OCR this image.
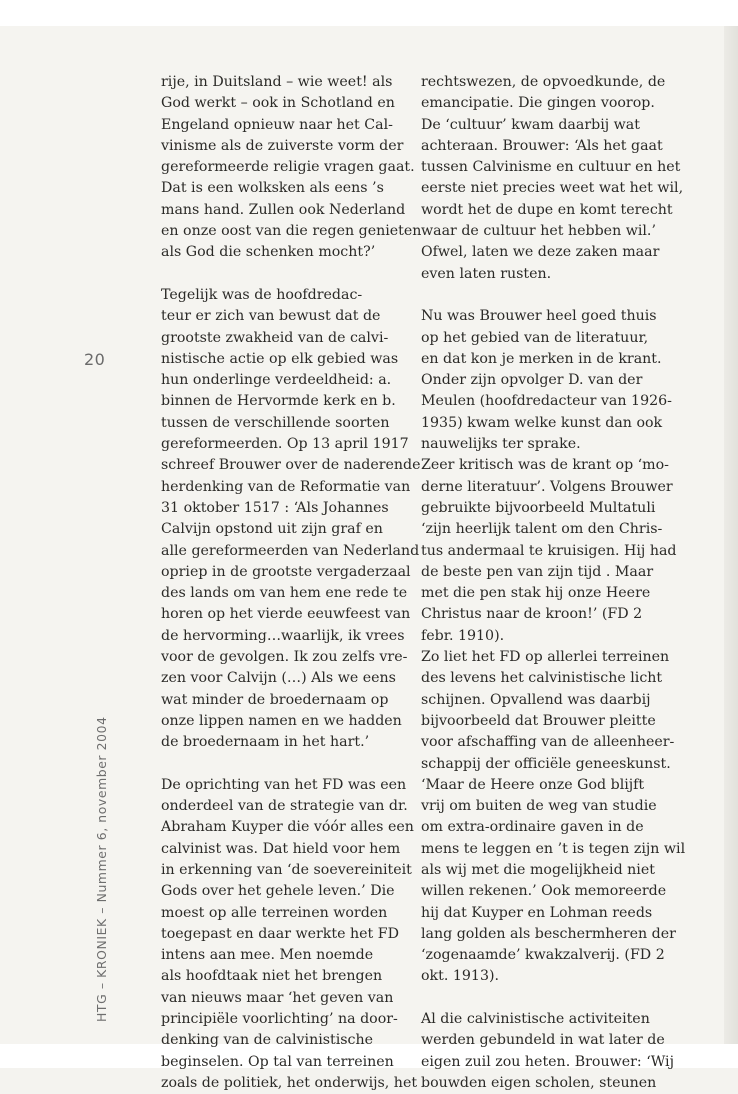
20
HTG – KRONIEK – Nummer 6, november 2004
rije, in Duitsland – wie weet! als
God werkt – ook in Schotland en
Engeland opnieuw naar het Cal-
vinisme als de zuiverste vorm der
gereformeerde religie vragen gaat.
Dat is een wolksken als eens ’s
mans hand. Zullen ook Nederland
en onze oost van die regen genieten
als God die schenken mocht?’
Tegelijk was de hoofdredac-
teur er zich van bewust dat de
grootste zwakheid van de calvi-
nistische actie op elk gebied was
hun onderlinge verdeeldheid: a.
binnen de Hervormde kerk en b.
tussen de verschillende soorten
gereformeerden. Op 13 april 1917
schreef Brouwer over de naderende
herdenking van de Reformatie van
31 oktober 1517 : ‘Als Johannes
Calvijn opstond uit zijn graf en
alle gereformeerden van Nederland
opriep in de grootste vergaderzaal
des lands om van hem ene rede te
horen op het vierde eeuwfeest van
de hervorming…waarlijk, ik vrees
voor de gevolgen. Ik zou zelfs vre-
zen voor Calvijn (…) Als we eens
wat minder de broedernaam op
onze lippen namen en we hadden
de broedernaam in het hart.’
De oprichting van het FD was een
onderdeel van de strategie van dr.
Abraham Kuyper die vóór alles een
calvinist was. Dat hield voor hem
in erkenning van ‘de soevereiniteit
Gods over het gehele leven.’ Die
moest op alle terreinen worden
toegepast en daar werkte het FD
intens aan mee. Men noemde
als hoofdtaak niet het brengen
van nieuws maar ‘het geven van
principiële voorlichting’ na door-
denking van de calvinistische
beginselen. Op tal van terreinen
zoals de politiek, het onderwijs, het
rechtswezen, de opvoedkunde, de
emancipatie. Die gingen voorop.
De ‘cultuur’ kwam daarbij wat
achteraan. Brouwer: ‘Als het gaat
tussen Calvinisme en cultuur en het
eerste niet precies weet wat het wil,
wordt het de dupe en komt terecht
waar de cultuur het hebben wil.’
Ofwel, laten we deze zaken maar
even laten rusten.
Nu was Brouwer heel goed thuis
op het gebied van de literatuur,
en dat kon je merken in de krant.
Onder zijn opvolger D. van der
Meulen (hoofdredacteur van 1926-
1935) kwam welke kunst dan ook
nauwelijks ter sprake.
Zeer kritisch was de krant op ‘mo-
derne literatuur’. Volgens Brouwer
gebruikte bijvoorbeeld Multatuli
‘zijn heerlijk talent om den Chris-
tus andermaal te kruisigen. Hij had
de beste pen van zijn tijd . Maar
met die pen stak hij onze Heere
Christus naar de kroon!’ (FD 2
febr. 1910).
Zo liet het FD op allerlei terreinen
des levens het calvinistische licht
schijnen. Opvallend was daarbij
bijvoorbeeld dat Brouwer pleitte
voor afschaffing van de alleenheer-
schappij der officiële geneeskunst.
‘Maar de Heere onze God blijft
vrij om buiten de weg van studie
om extra-ordinaire gaven in de
mens te leggen en ’t is tegen zijn wil
als wij met die mogelijkheid niet
willen rekenen.’ Ook memoreerde
hij dat Kuyper en Lohman reeds
lang golden als beschermheren der
‘zogenaamde’ kwakzalverij. (FD 2
okt. 1913).
Al die calvinistische activiteiten
werden gebundeld in wat later de
eigen zuil zou heten. Brouwer: ‘Wij
bouwden eigen scholen, steunen
